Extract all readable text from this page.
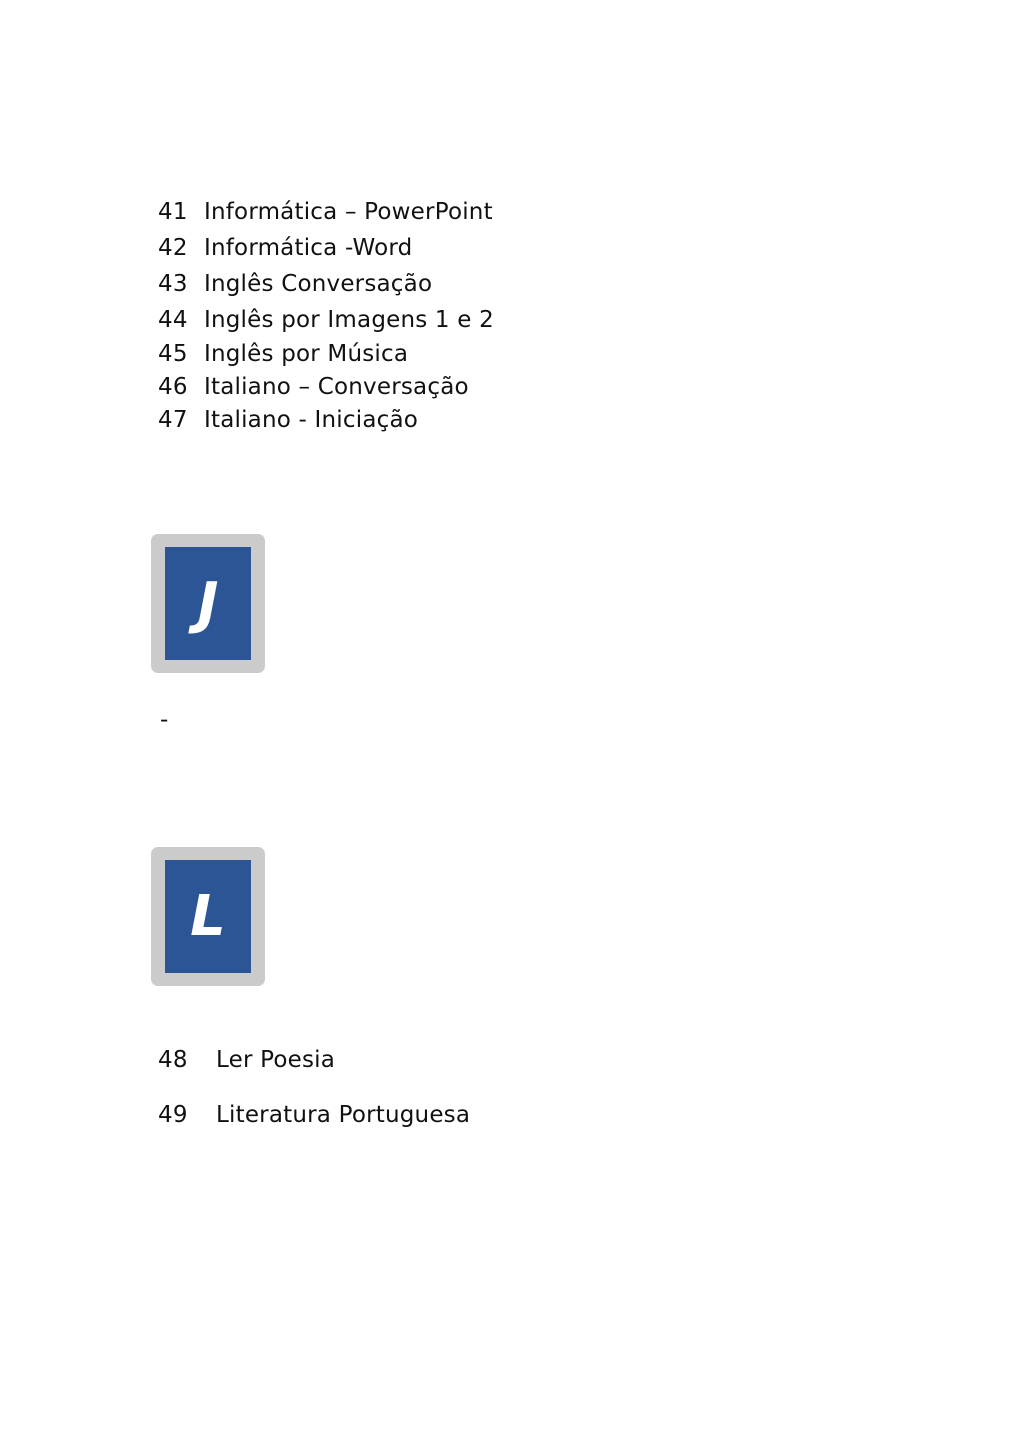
41 Informática – PowerPoint
42 Informática -Word
43 Inglês Conversação
44 Inglês por Imagens 1 e 2
45 Inglês por Música
46 Italiano – Conversação
47 Italiano - Iniciação
J
-
L
48 Ler Poesia
49 Literatura Portuguesa
